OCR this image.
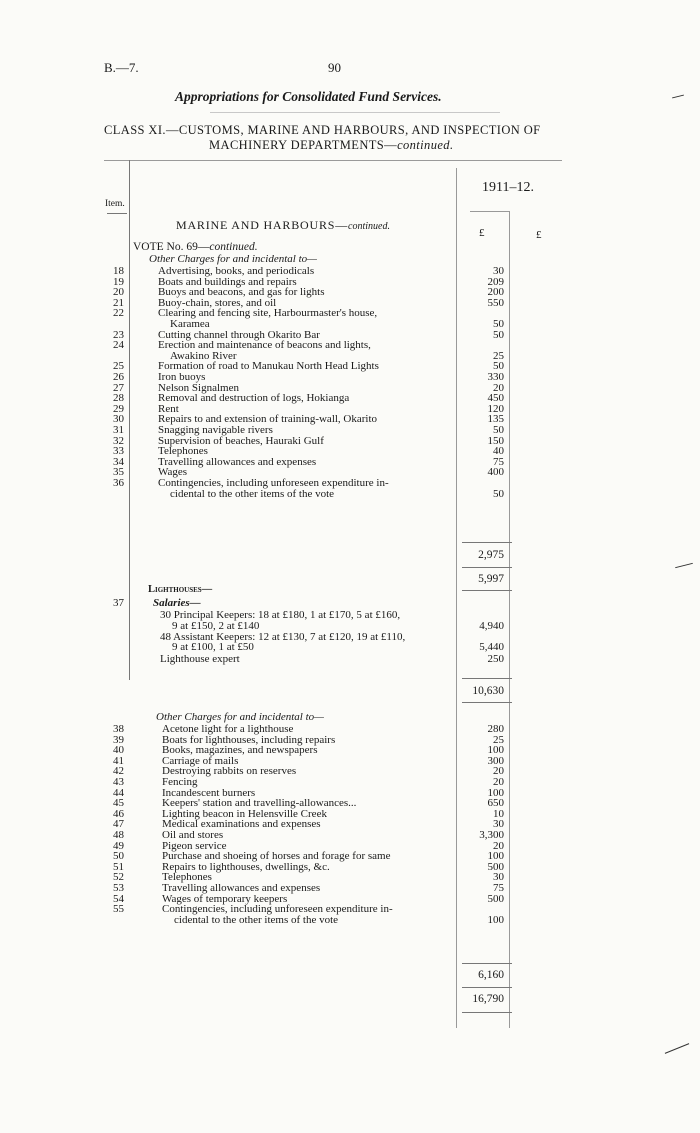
B.—7.	90
Appropriations for Consolidated Fund Services.
CLASS XI.—CUSTOMS, MARINE AND HARBOURS, AND INSPECTION OF
MACHINERY DEPARTMENTS—continued.
1911–12.
Item.
£	£
MARINE AND HARBOURS—continued.
VOTE No. 69—continued.
Other Charges for and incidental to—
18	Advertising, books, and periodicals	30
19	Boats and buildings and repairs	209
20	Buoys and beacons, and gas for lights	200
21	Buoy-chain, stores, and oil	550
22	Clearing and fencing site, Harbourmaster's house,
Karamea	50
23	Cutting channel through Okarito Bar	50
24	Erection and maintenance of beacons and lights,
Awakino River	25
25	Formation of road to Manukau North Head Lights	50
26	Iron buoys	330
27	Nelson Signalmen	20
28	Removal and destruction of logs, Hokianga	450
29	Rent	120
30	Repairs to and extension of training-wall, Okarito	135
31	Snagging navigable rivers	50
32	Supervision of beaches, Hauraki Gulf	150
33	Telephones	40
34	Travelling allowances and expenses	75
35	Wages	400
36	Contingencies, including unforeseen expenditure in-
cidental to the other items of the vote	50
2,975
5,997
Lighthouses—
37	Salaries—
30 Principal Keepers: 18 at £180, 1 at £170, 5 at £160,
9 at £150, 2 at £140	4,940
48 Assistant Keepers: 12 at £130, 7 at £120, 19 at £110,
9 at £100, 1 at £50	5,440
Lighthouse expert	250
10,630
Other Charges for and incidental to—
38	Acetone light for a lighthouse	280
39	Boats for lighthouses, including repairs	25
40	Books, magazines, and newspapers	100
41	Carriage of mails	300
42	Destroying rabbits on reserves	20
43	Fencing	20
44	Incandescent burners	100
45	Keepers' station and travelling-allowances...	650
46	Lighting beacon in Helensville Creek	10
47	Medical examinations and expenses	30
48	Oil and stores	3,300
49	Pigeon service	20
50	Purchase and shoeing of horses and forage for same	100
51	Repairs to lighthouses, dwellings, &c.	500
52	Telephones	30
53	Travelling allowances and expenses	75
54	Wages of temporary keepers	500
55	Contingencies, including unforeseen expenditure in-
cidental to the other items of the vote	100
6,160
16,790
